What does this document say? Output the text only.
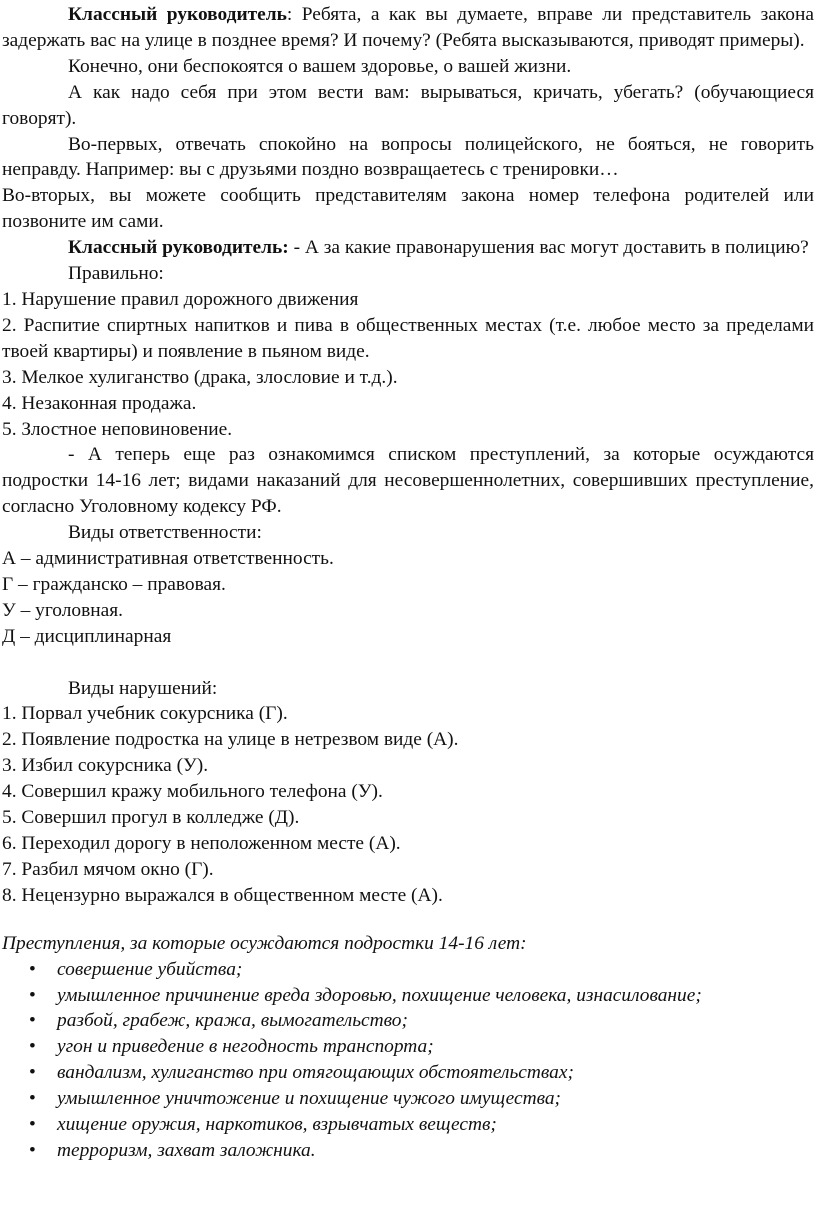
Классный руководитель: Ребята, а как вы думаете, вправе ли представитель закона задержать вас на улице в позднее время? И почему? (Ребята высказываются, приводят примеры).

Конечно, они беспокоятся о вашем здоровье, о вашей жизни.

А как надо себя при этом вести вам: вырываться, кричать, убегать? (обучающиеся говорят).

Во-первых, отвечать спокойно на вопросы полицейского, не бояться, не говорить неправду. Например: вы с друзьями поздно возвращаетесь с тренировки…

Во-вторых, вы можете сообщить представителям закона номер телефона родителей или позвоните им сами.

Классный руководитель: - А за какие правонарушения вас могут доставить в полицию?

Правильно:

1. Нарушение правил дорожного движения

2. Распитие спиртных напитков и пива в общественных местах (т.е. любое место за пределами твоей квартиры) и появление в пьяном виде.

3. Мелкое хулиганство (драка, злословие и т.д.).

4. Незаконная продажа.

5. Злостное неповиновение.

- А теперь еще раз ознакомимся списком преступлений, за которые осуждаются подростки 14-16 лет; видами наказаний для несовершеннолетних, совершивших преступление, согласно Уголовному кодексу РФ.

Виды ответственности:

А – административная ответственность.

Г – гражданско – правовая.

У – уголовная.

Д – дисциплинарная

Виды нарушений:

1. Порвал учебник сокурсника (Г).

2. Появление подростка на улице в нетрезвом виде (А).

3. Избил сокурсника (У).

4. Совершил кражу мобильного телефона (У).

5. Совершил прогул в колледже (Д).

6. Переходил дорогу в неположенном месте (А).

7. Разбил мячом окно (Г).

8. Нецензурно выражался в общественном месте (А).

Преступления, за которые осуждаются подростки 14-16 лет:

• совершение убийства;
• умышленное причинение вреда здоровью, похищение человека, изнасилование;
• разбой, грабеж, кража, вымогательство;
• угон и приведение в негодность транспорта;
• вандализм, хулиганство при отягощающих обстоятельствах;
• умышленное уничтожение и похищение чужого имущества;
• хищение оружия, наркотиков, взрывчатых веществ;
• терроризм, захват заложника.
